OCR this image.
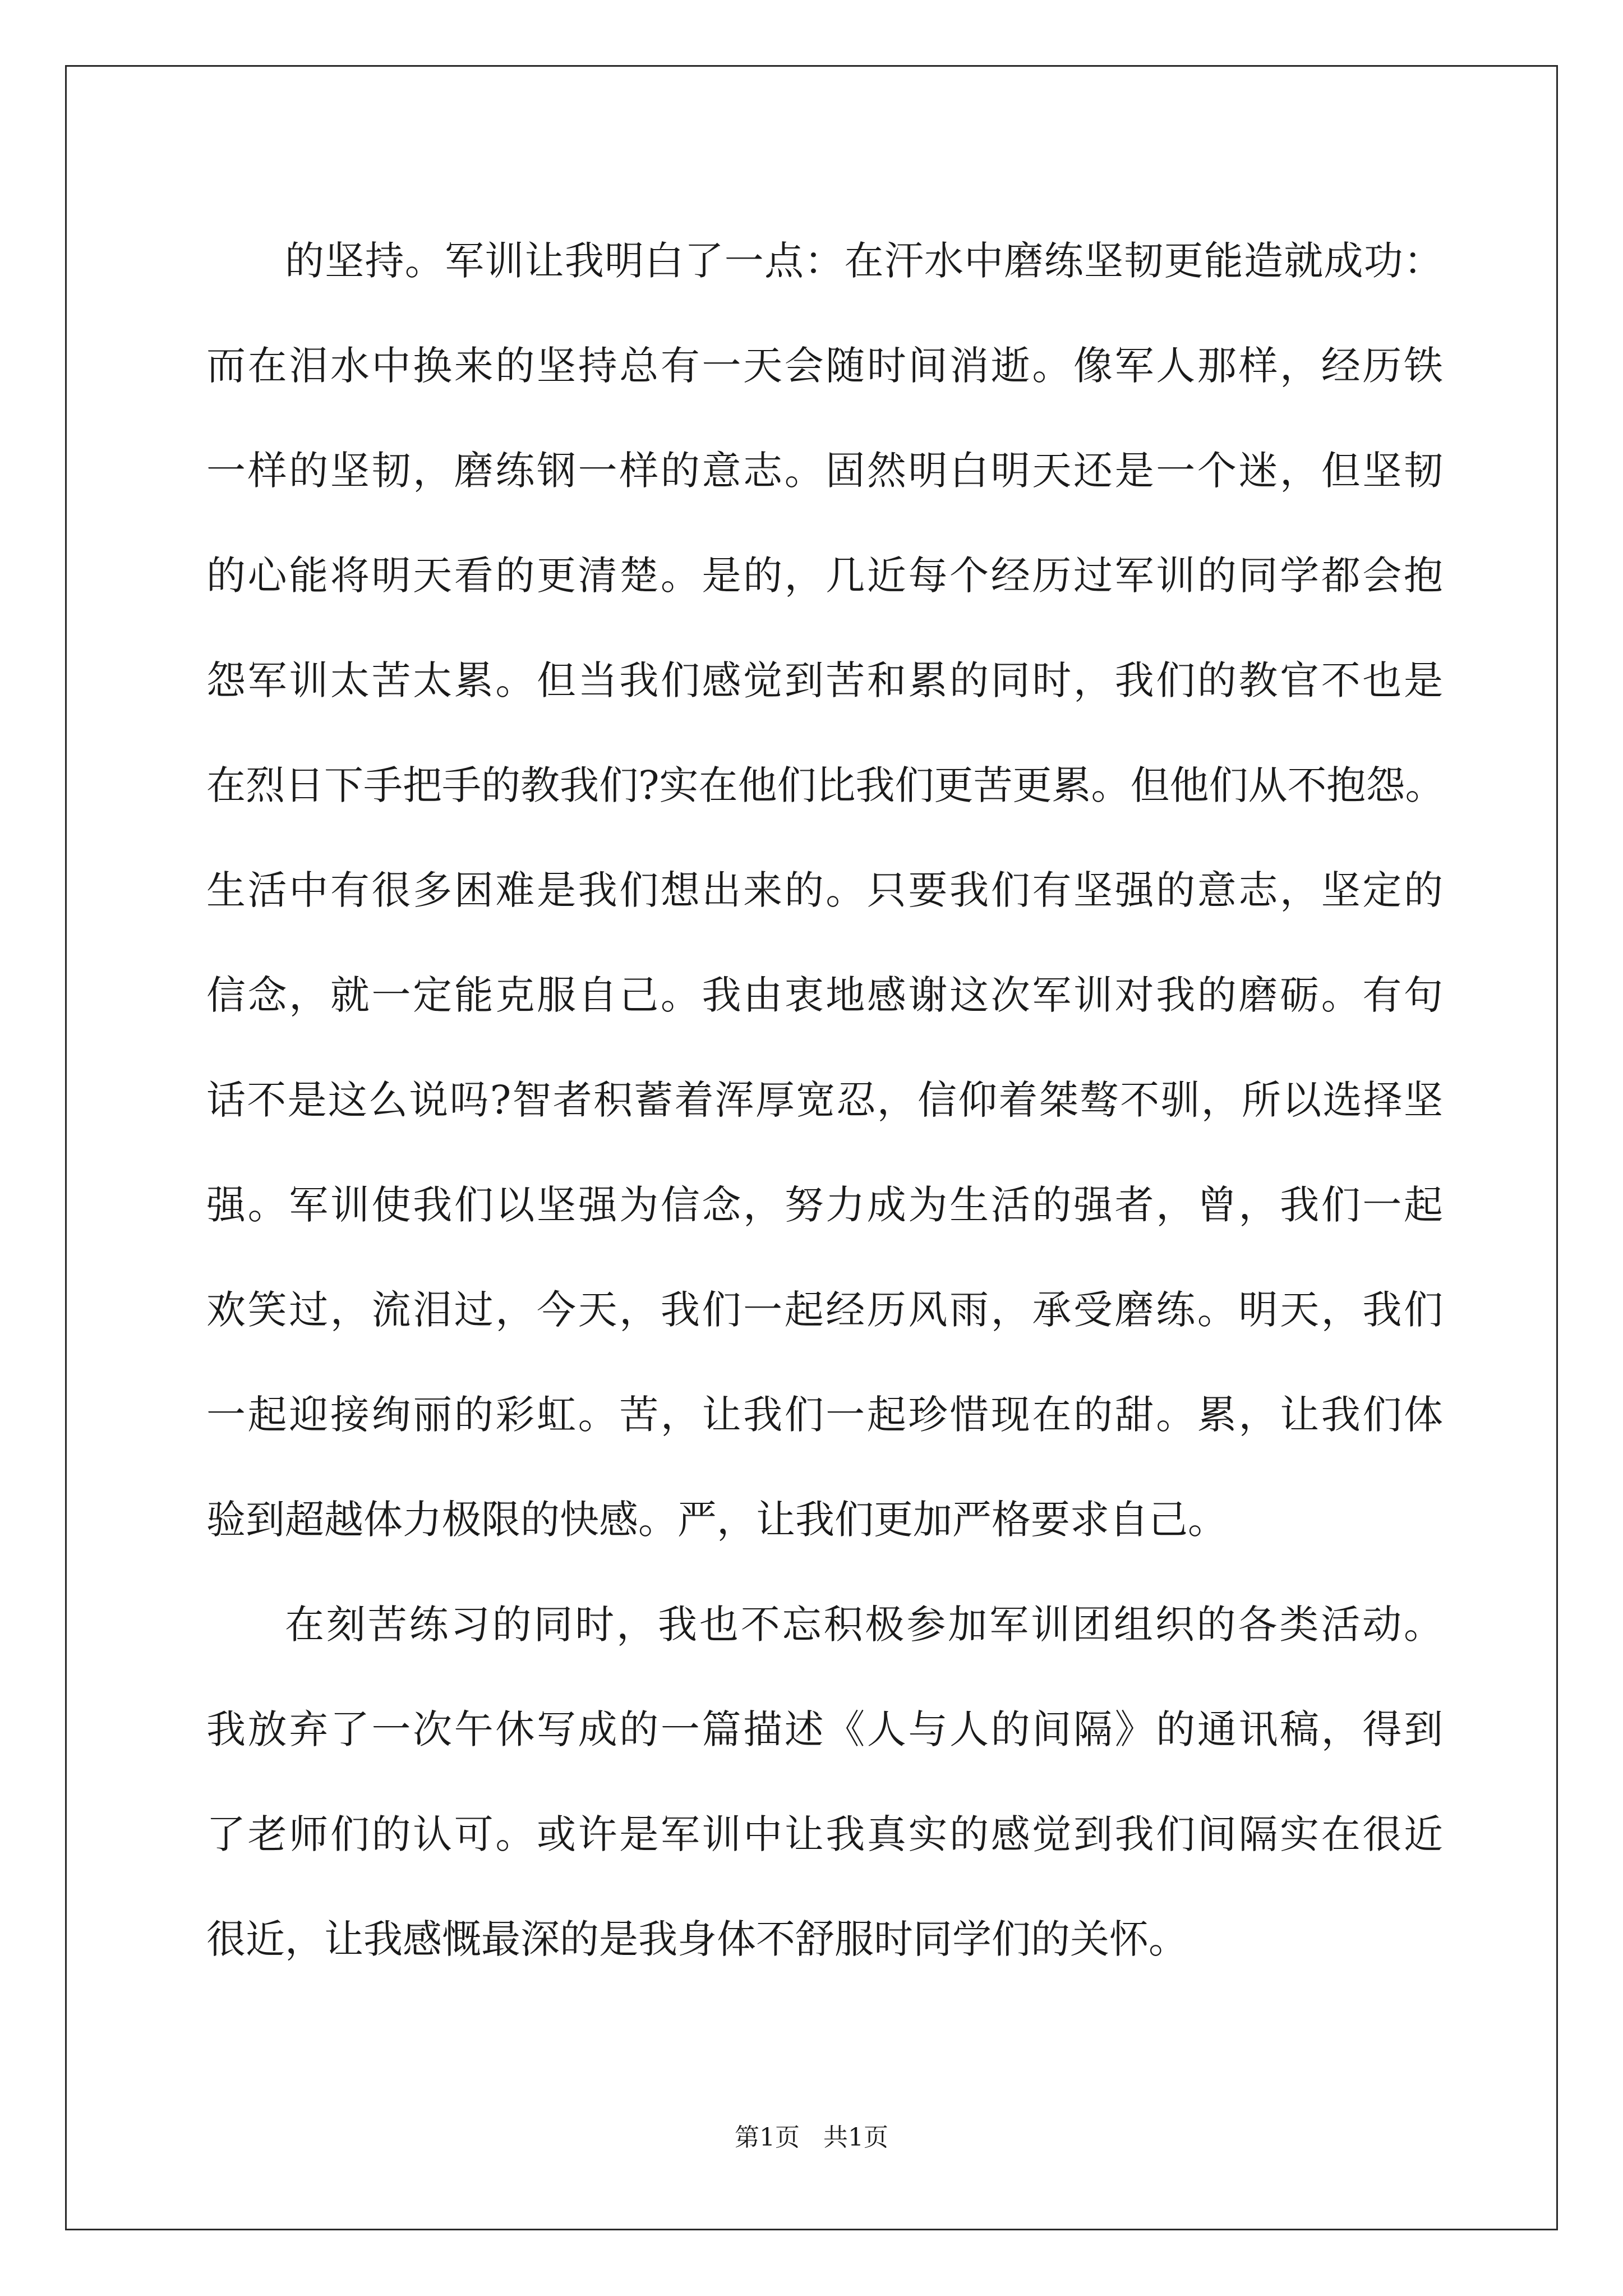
的坚持。军训让我明白了一点：在汗水中磨练坚韧更能造就成功：
而在泪水中换来的坚持总有一天会随时间消逝。像军人那样，经历铁
一样的坚韧，磨练钢一样的意志。固然明白明天还是一个迷，但坚韧
的心能将明天看的更清楚。是的，几近每个经历过军训的同学都会抱
怨军训太苦太累。但当我们感觉到苦和累的同时，我们的教官不也是
在烈日下手把手的教我们?实在他们比我们更苦更累。但他们从不抱怨。
生活中有很多困难是我们想出来的。只要我们有坚强的意志，坚定的
信念，就一定能克服自己。我由衷地感谢这次军训对我的磨砺。有句
话不是这么说吗?智者积蓄着浑厚宽忍，信仰着桀骜不驯，所以选择坚
强。军训使我们以坚强为信念，努力成为生活的强者，曾，我们一起
欢笑过，流泪过，今天，我们一起经历风雨，承受磨练。明天，我们
一起迎接绚丽的彩虹。苦，让我们一起珍惜现在的甜。累，让我们体
验到超越体力极限的快感。严，让我们更加严格要求自己。
在刻苦练习的同时，我也不忘积极参加军训团组织的各类活动。
我放弃了一次午休写成的一篇描述《人与人的间隔》的通讯稿，得到
了老师们的认可。或许是军训中让我真实的感觉到我们间隔实在很近
很近，让我感慨最深的是我身体不舒服时同学们的关怀。
第1页   共1页
